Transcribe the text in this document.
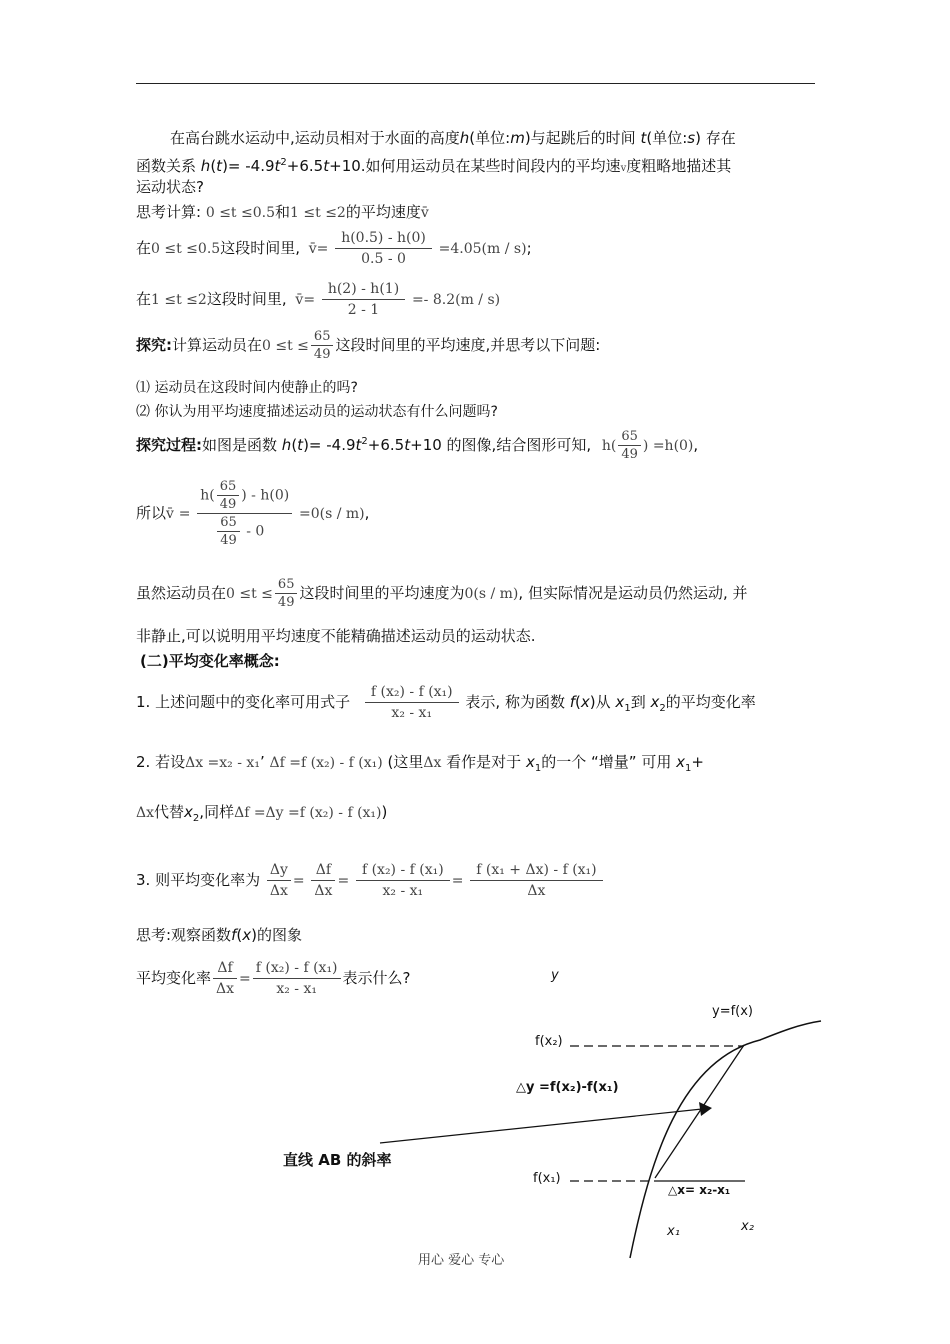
在高台跳水运动中,运动员相对于水面的高度h(单位:m)与起跳后的时间 t(单位:s) 存在
函数关系 $h(t)= -4.9t^2+6.5t+10$.如何用运动员在某些时间段内的平均速v度粗略地描述其
运动状态?
思考计算: 0 ≤t ≤0.5和1 ≤t ≤2的平均速度v̄
在0 ≤t ≤0.5这段时间里, v̄= $\frac{h(0.5) - h(0)}{0.5 - 0} =4.05(m / s)$;
在1 ≤t ≤2这段时间里, v̄= $\frac{h(2) - h(1)}{2 - 1} =- 8.2(m / s)$
探究:计算运动员在$0 \le t \le \frac{65}{49}$ 这段时间里的平均速度,并思考以下问题:
⑴ 运动员在这段时间内使静止的吗?
⑵ 你认为用平均速度描述运动员的运动状态有什么问题吗?
探究过程:如图是函数 $h(t)= -4.9t^2+6.5t+10$ 的图像,结合图形可知, $h( \frac{65}{49}$ ) =h(0),
所以v̄ = $\frac{h( \frac{65}{49} ) - h(0)}{\frac{65}{49} - 0} =0(s / m)$,
虽然运动员在$0 \le t \le \frac{65}{49}$ 这段时间里的平均速度为0(s / m), 但实际情况是运动员仍然运动, 并
非静止,可以说明用平均速度不能精确描述运动员的运动状态.
(二)平均变化率概念:
1. 上述问题中的变化率可用式子 $\frac{\text{f (x₂) - f (x₁)}}{\text{x₂ - x₁}}$ 表示, 称为函数 f(x)从 $x_1$到 $x_2$的平均变化率
2. 若设Δx =x₂ - x₁’ Δf =f (x₂) - f (x₁) (这里Δx 看作是对于 $x_1$的一个 “增量” 可用 $x_1+$
Δx代替$x_2$,同样Δf =Δy =f (x₂) - f (x₁))
3. 则平均变化率为 $\frac{\Delta y}{\Delta x} = \frac{\Delta f}{\Delta x} = \frac{\text{f (x₂) - f (x₁)}}{\text{x₂ - x₁}} = \frac{\text{f (x₁ + Δx) - f (x₁)}}{\Delta x}$
思考:观察函数f(x)的图象
平均变化率 $\frac{\Delta f}{\Delta x} = \frac{\text{f (x₂) - f (x₁)}}{\text{x₂ - x₁}}$ 表示什么?	y
y=f(x)
f(x₂)
△y =f(x₂)-f(x₁)
直线 AB 的斜率
f(x₁)
△x= x₂-x₁
x₁	x₂
用心 爱心 专心
